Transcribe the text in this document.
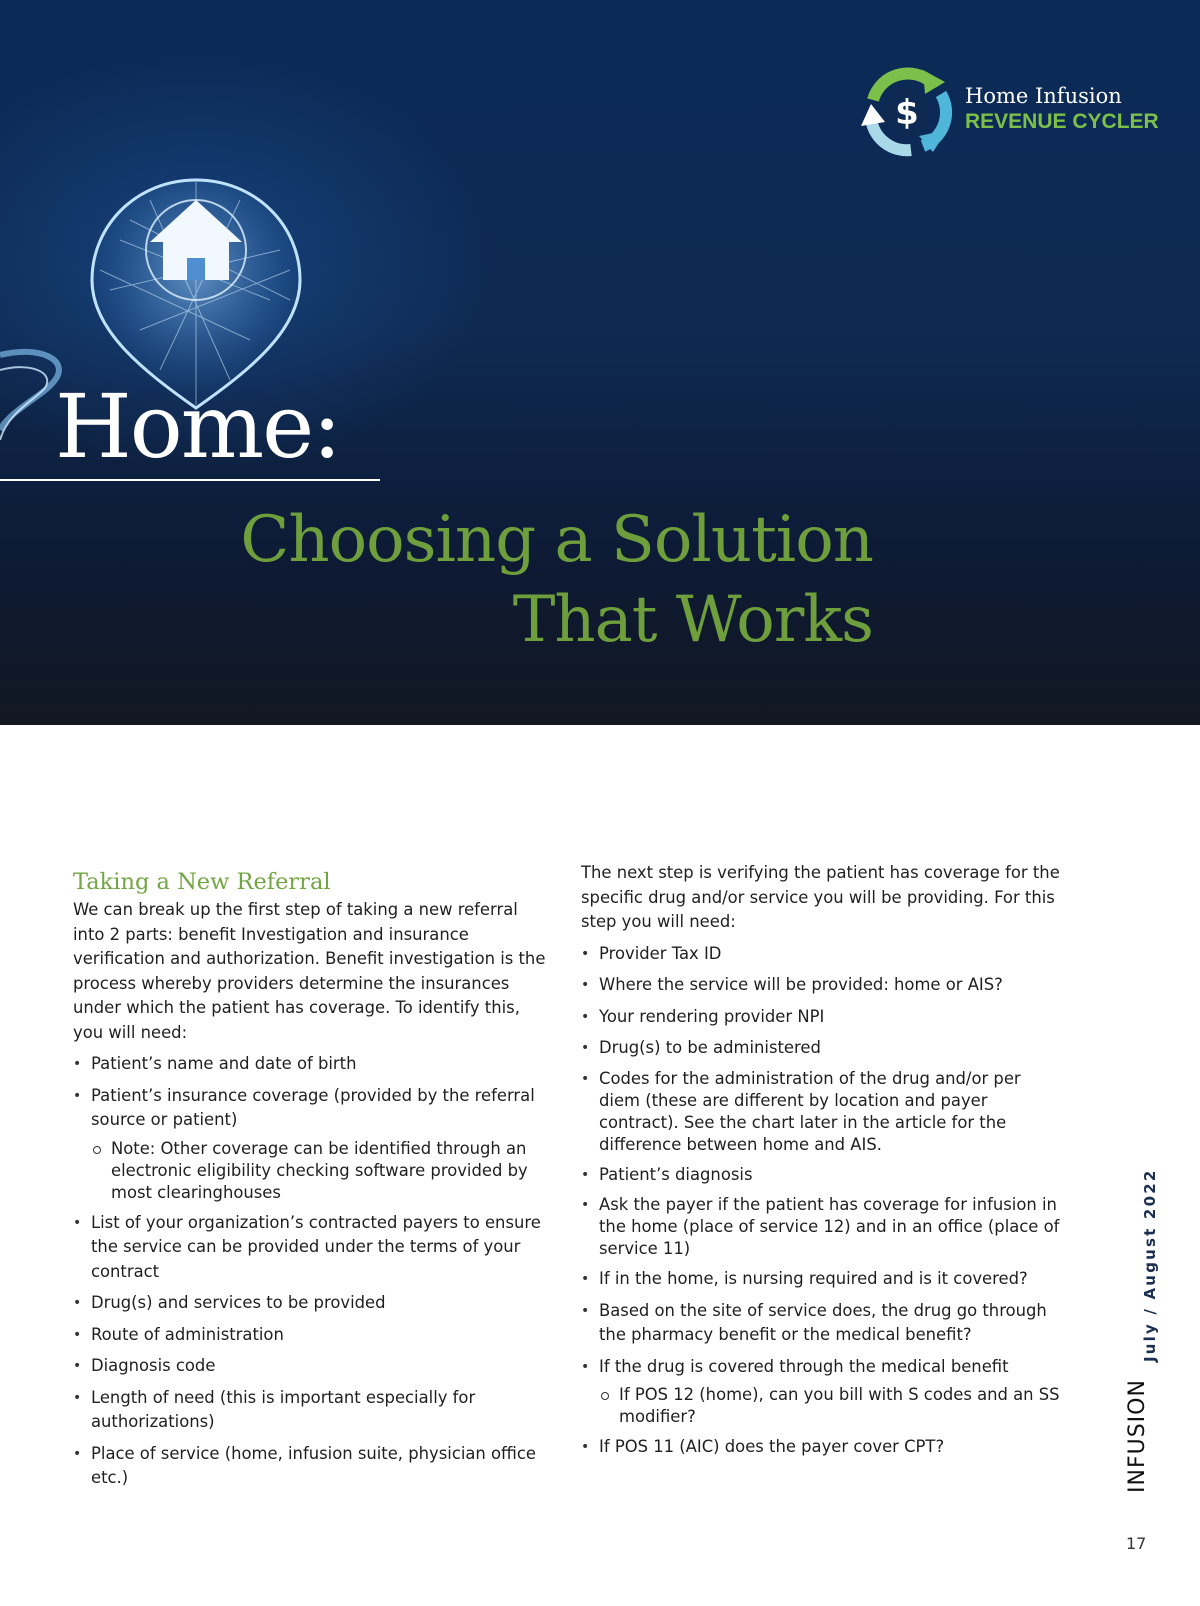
$ Home Infusion
REVENUE CYCLER
Home:
Choosing a Solution
That Works
Taking a New Referral

We can break up the first step of taking a new referral into 2 parts: benefit Investigation and insurance verification and authorization. Benefit investigation is the process whereby providers determine the insurances under which the patient has coverage. To identify this, you will need:

• Patient’s name and date of birth
• Patient’s insurance coverage (provided by the referral source or patient)
Note: Other coverage can be identified through an electronic eligibility checking software provided by most clearinghouses
• List of your organization’s contracted payers to ensure the service can be provided under the terms of your contract
• Drug(s) and services to be provided
• Route of administration
• Diagnosis code
• Length of need (this is important especially for authorizations)
• Place of service (home, infusion suite, physician office etc.)

The next step is verifying the patient has coverage for the specific drug and/or service you will be providing. For this step you will need:

• Provider Tax ID
• Where the service will be provided: home or AIS?
• Your rendering provider NPI
• Drug(s) to be administered
• Codes for the administration of the drug and/or per diem (these are different by location and payer contract). See the chart later in the article for the difference between home and AIS.
• Patient’s diagnosis
• Ask the payer if the patient has coverage for infusion in the home (place of service 12) and in an office (place of service 11)
• If in the home, is nursing required and is it covered?
• Based on the site of service does, the drug go through the pharmacy benefit or the medical benefit?
• If the drug is covered through the medical benefit
If POS 12 (home), can you bill with S codes and an SS modifier?
• If POS 11 (AIC) does the payer cover CPT?
July / August 2022
INFUSION
17
